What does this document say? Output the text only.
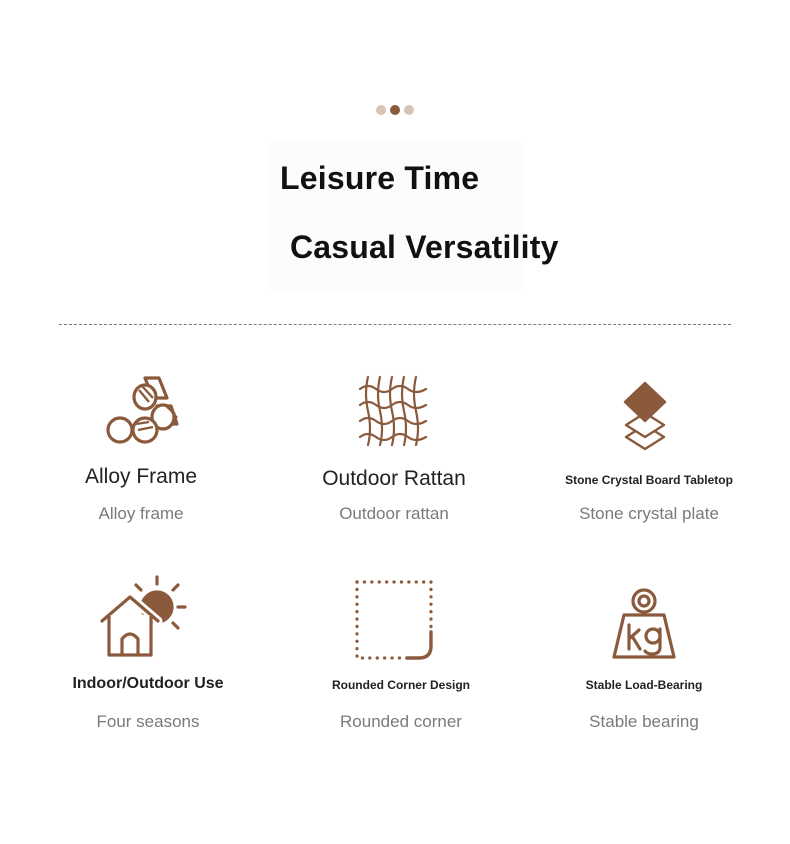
Leisure Time
Casual Versatility
Alloy Frame
Alloy frame
Outdoor Rattan
Outdoor rattan
Stone Crystal Board Tabletop
Stone crystal plate
Indoor/Outdoor Use
Four seasons
Rounded Corner Design
Rounded corner
Stable Load-Bearing
Stable bearing
